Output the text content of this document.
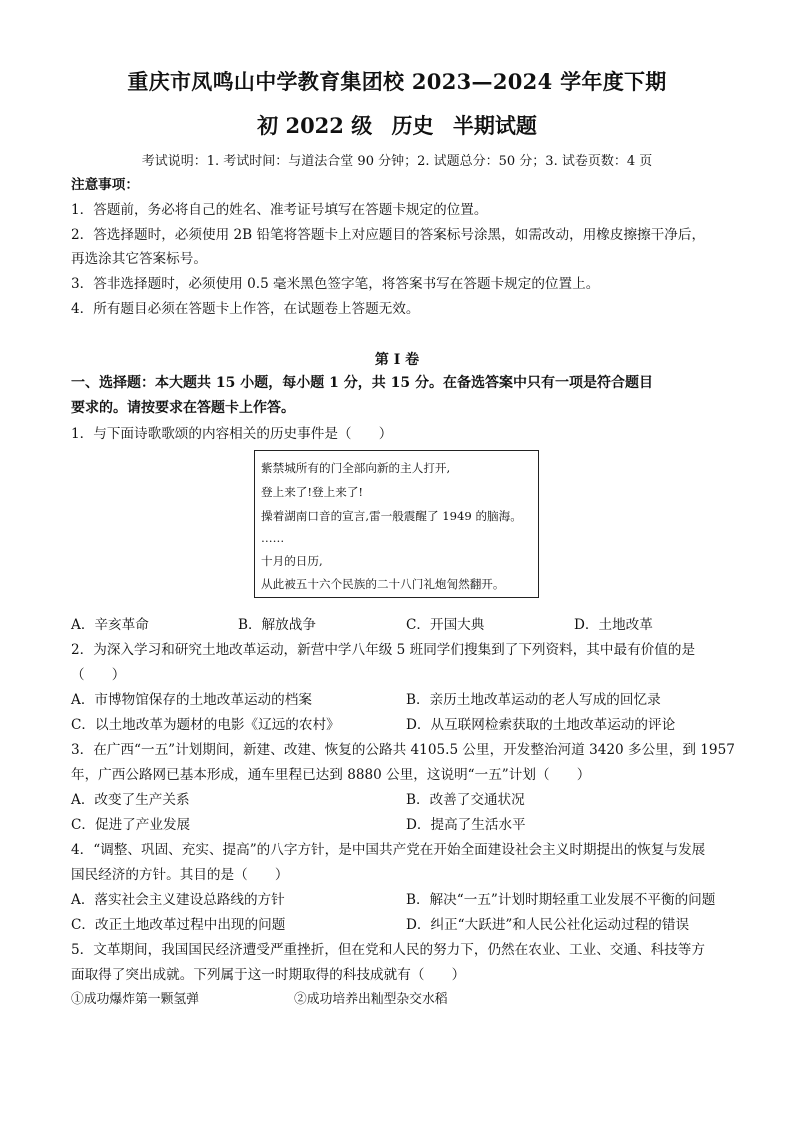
重庆市凤鸣山中学教育集团校 2023—2024 学年度下期
初 2022 级 历史 半期试题
考试说明：1. 考试时间：与道法合堂 90 分钟；2. 试题总分：50 分；3. 试卷页数：4 页
注意事项：
1．答题前，务必将自己的姓名、准考证号填写在答题卡规定的位置。
2．答选择题时，必须使用 2B 铅笔将答题卡上对应题目的答案标号涂黑，如需改动，用橡皮擦擦干净后，
再选涂其它答案标号。
3．答非选择题时，必须使用 0.5 毫米黑色签字笔，将答案书写在答题卡规定的位置上。
4．所有题目必须在答题卡上作答，在试题卷上答题无效。
第 I 卷
一、选择题：本大题共 15 小题，每小题 1 分，共 15 分。在备选答案中只有一项是符合题目
要求的。请按要求在答题卡上作答。
1．与下面诗歌歌颂的内容相关的历史事件是（　　）
紫禁城所有的门全部向新的主人打开,
登上来了!登上来了!
操着湖南口音的宣言,雷一般震醒了 1949 的脑海。
……
十月的日历,
从此被五十六个民族的二十八门礼炮訇然翻开。
A．辛亥革命	B．解放战争	C．开国大典	D．土地改革
2．为深入学习和研究土地改革运动，新营中学八年级 5 班同学们搜集到了下列资料，其中最有价值的是
（　　）
A．市博物馆保存的土地改革运动的档案	B．亲历土地改革运动的老人写成的回忆录
C．以土地改革为题材的电影《辽远的农村》	D．从互联网检索获取的土地改革运动的评论
3．在广西“一五”计划期间，新建、改建、恢复的公路共 4105.5 公里，开发整治河道 3420 多公里，到 1957
年，广西公路网已基本形成，通车里程已达到 8880 公里，这说明“一五”计划（　　）
A．改变了生产关系	B．改善了交通状况
C．促进了产业发展	D．提高了生活水平
4．“调整、巩固、充实、提高”的八字方针，是中国共产党在开始全面建设社会主义时期提出的恢复与发展
国民经济的方针。其目的是（　　）
A．落实社会主义建设总路线的方针	B．解决“一五”计划时期轻重工业发展不平衡的问题
C．改正土地改革过程中出现的问题	D．纠正“大跃进”和人民公社化运动过程的错误
5．文革期间，我国国民经济遭受严重挫折，但在党和人民的努力下，仍然在农业、工业、交通、科技等方
面取得了突出成就。下列属于这一时期取得的科技成就有（　　）
①成功爆炸第一颗氢弹	②成功培养出籼型杂交水稻
